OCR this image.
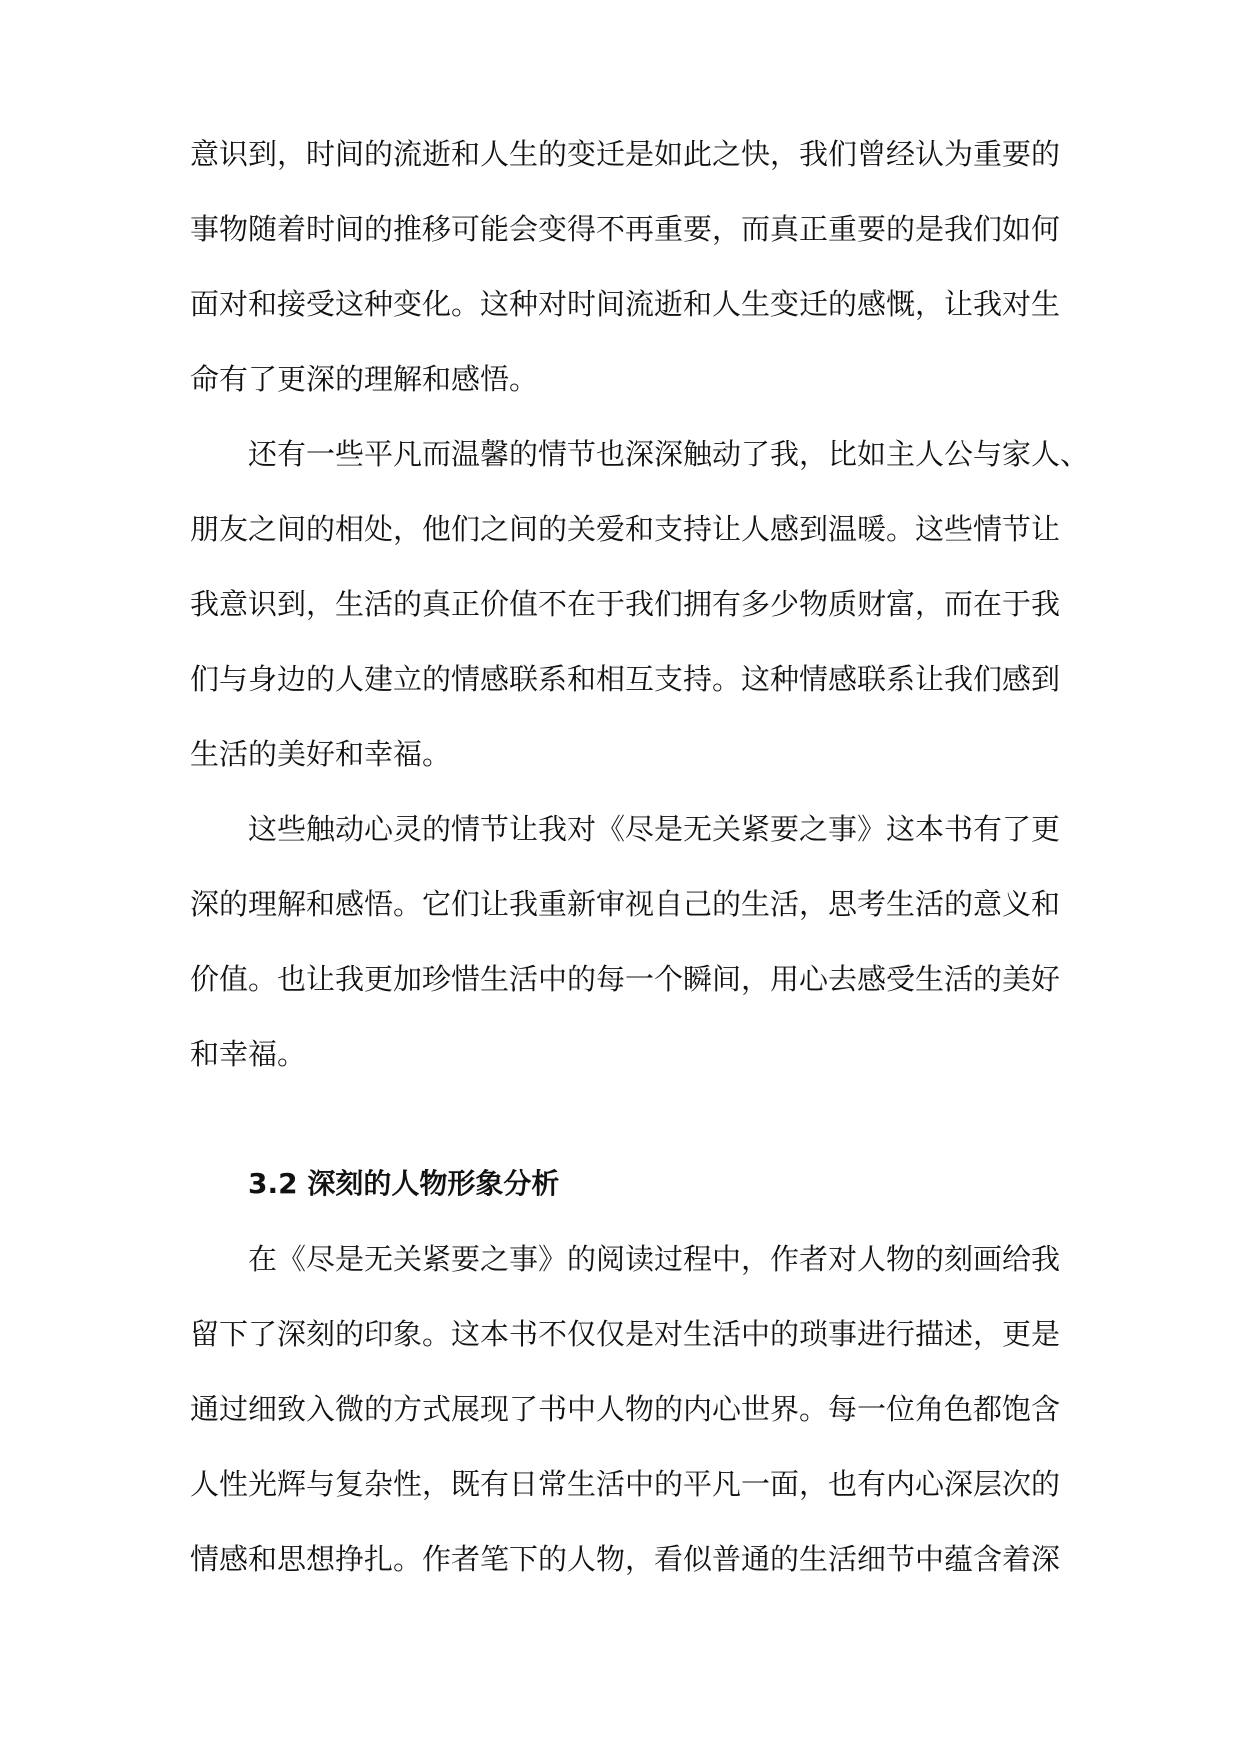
意识到，时间的流逝和人生的变迁是如此之快，我们曾经认为重要的
事物随着时间的推移可能会变得不再重要，而真正重要的是我们如何
面对和接受这种变化。这种对时间流逝和人生变迁的感慨，让我对生
命有了更深的理解和感悟。
还有一些平凡而温馨的情节也深深触动了我，比如主人公与家人、
朋友之间的相处，他们之间的关爱和支持让人感到温暖。这些情节让
我意识到，生活的真正价值不在于我们拥有多少物质财富，而在于我
们与身边的人建立的情感联系和相互支持。这种情感联系让我们感到
生活的美好和幸福。
这些触动心灵的情节让我对《尽是无关紧要之事》这本书有了更
深的理解和感悟。它们让我重新审视自己的生活，思考生活的意义和
价值。也让我更加珍惜生活中的每一个瞬间，用心去感受生活的美好
和幸福。
3.2 深刻的人物形象分析
在《尽是无关紧要之事》的阅读过程中，作者对人物的刻画给我
留下了深刻的印象。这本书不仅仅是对生活中的琐事进行描述，更是
通过细致入微的方式展现了书中人物的内心世界。每一位角色都饱含
人性光辉与复杂性，既有日常生活中的平凡一面，也有内心深层次的
情感和思想挣扎。作者笔下的人物，看似普通的生活细节中蕴含着深
